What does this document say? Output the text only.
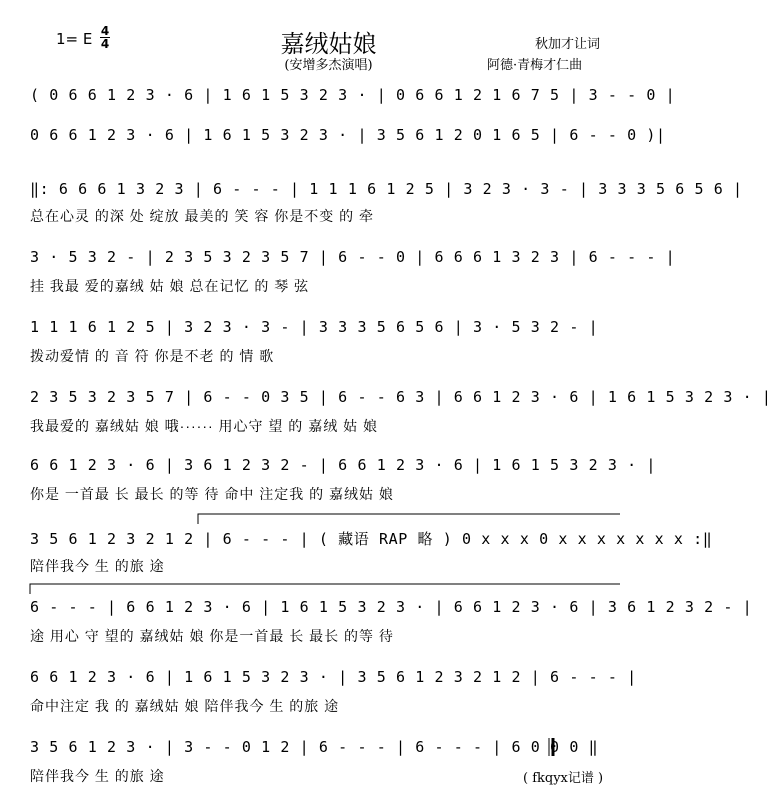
1= E $\frac{4}{4}$	嘉绒姑娘
(安增多杰演唱)
秋加才让词
阿德·青梅才仁曲
( 0 6 6 1 2 3 · 6 | 1 6 1 5 3 2 3 · | 0 6 6 1 2 1 6 7 5 | 3 - - 0 |
0 6 6 1 2 3 · 6 | 1 6 1 5 3 2 3 · | 3 5 6 1 2 0 1 6 5 | 6 - - 0 )|
‖: 6 6 6 1 3 2 3 | 6 - - - | 1 1 1 6 1 2 5 | 3 2 3 · 3 - | 3 3 3 5 6 5 6 |
总在心灵 的深 处 绽放 最美的 笑 容 你是不变 的 牵
3 · 5 3 2 - | 2 3 5 3 2 3 5 7 | 6 - - 0 | 6 6 6 1 3 2 3 | 6 - - - |
挂 我最 爱的嘉绒 姑 娘 总在记忆 的 琴 弦
1 1 1 6 1 2 5 | 3 2 3 · 3 - | 3 3 3 5 6 5 6 | 3 · 5 3 2 - |
拨动爱情 的 音 符 你是不老 的 情 歌
2 3 5 3 2 3 5 7 | 6 - - 0 3 5 | 6 - - 6 3 | 6 6 1 2 3 · 6 | 1 6 1 5 3 2 3 · |
我最爱的 嘉绒姑 娘 哦······ 用心守 望 的 嘉绒 姑 娘
6 6 1 2 3 · 6 | 3 6 1 2 3 2 - | 6 6 1 2 3 · 6 | 1 6 1 5 3 2 3 · |
你是 一首最 长 最长 的等 待 命中 注定我 的 嘉绒姑 娘
3 5 6 1 2 3 2 1 2 | 6 - - - | ( 藏语 RAP 略 ) 0 x x x 0 x x x x x x x :‖
陪伴我今 生 的旅 途
6 - - - | 6 6 1 2 3 · 6 | 1 6 1 5 3 2 3 · | 6 6 1 2 3 · 6 | 3 6 1 2 3 2 - |
途 用心 守 望的 嘉绒姑 娘 你是一首最 长 最长 的等 待
6 6 1 2 3 · 6 | 1 6 1 5 3 2 3 · | 3 5 6 1 2 3 2 1 2 | 6 - - - |
命中注定 我 的 嘉绒姑 娘 陪伴我今 生 的旅 途
3 5 6 1 2 3 · | 3 - - 0 1 2 | 6 - - - | 6 - - - | 6 0 0 0 ‖
陪伴我今 生 的旅 途	( fkqyx记谱 )
